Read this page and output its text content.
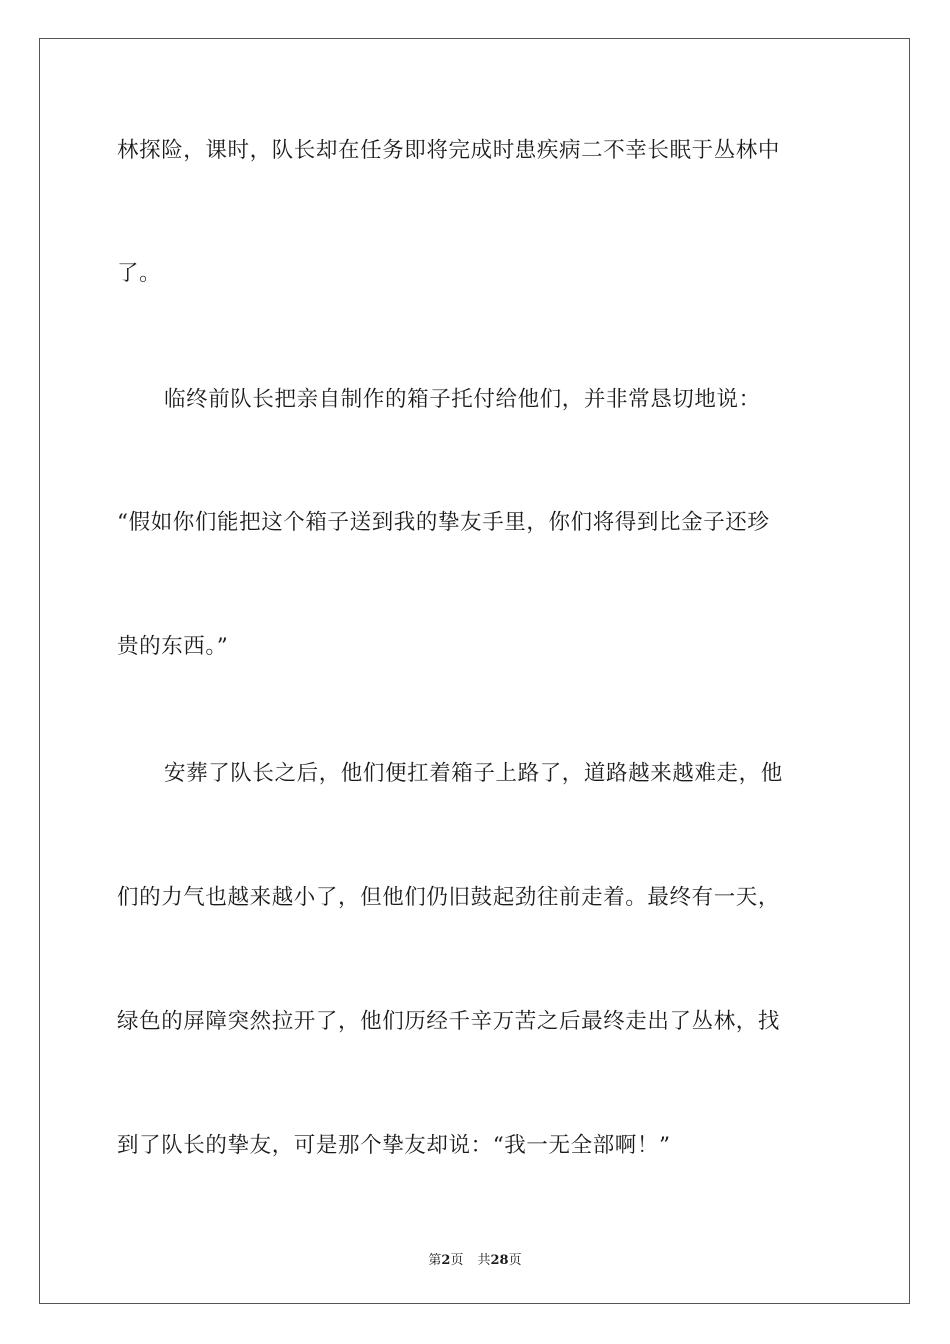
林探险，课时，队长却在任务即将完成时患疾病二不幸长眠于丛林中

了。

临终前队长把亲自制作的箱子托付给他们，并非常恳切地说：

“假如你们能把这个箱子送到我的挚友手里，你们将得到比金子还珍

贵的东西。”

安葬了队长之后，他们便扛着箱子上路了，道路越来越难走，他

们的力气也越来越小了，但他们仍旧鼓起劲往前走着。最终有一天，

绿色的屏障突然拉开了，他们历经千辛万苦之后最终走出了丛林，找

到了队长的挚友，可是那个挚友却说：“我一无全部啊！”

第2页 共28页
